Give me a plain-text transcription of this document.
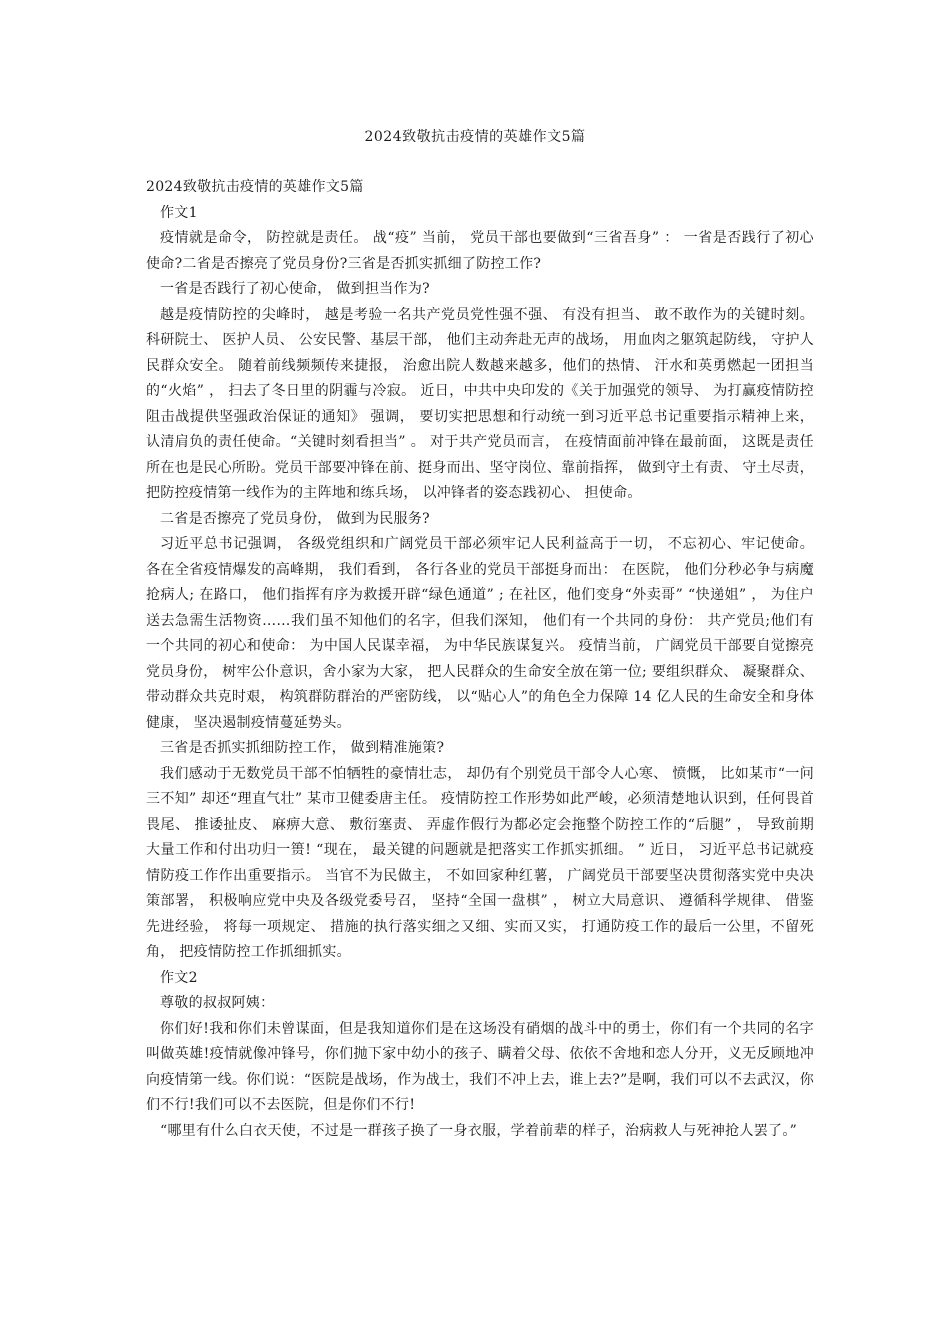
2024致敬抗击疫情的英雄作文5篇

2024致敬抗击疫情的英雄作文5篇

作文1

疫情就是命令， 防控就是责任。 战“疫” 当前， 党员干部也要做到“三省吾身” ： 一省是否践行了初心使命?二省是否擦亮了党员身份?三省是否抓实抓细了防控工作?

一省是否践行了初心使命， 做到担当作为?

越是疫情防控的尖峰时， 越是考验一名共产党员党性强不强、 有没有担当、 敢不敢作为的关键时刻。 科研院士、 医护人员、 公安民警、基层干部， 他们主动奔赴无声的战场， 用血肉之躯筑起防线， 守护人民群众安全。 随着前线频频传来捷报， 治愈出院人数越来越多，他们的热情、 汗水和英勇燃起一团担当的“火焰” ， 扫去了冬日里的阴霾与冷寂。 近日，中共中央印发的《关于加强党的领导、 为打赢疫情防控阻击战提供坚强政治保证的通知》 强调， 要切实把思想和行动统一到习近平总书记重要指示精神上来， 认清肩负的责任使命。“关键时刻看担当” 。 对于共产党员而言， 在疫情面前冲锋在最前面， 这既是责任所在也是民心所盼。党员干部要冲锋在前、挺身而出、坚守岗位、靠前指挥， 做到守土有责、 守土尽责， 把防控疫情第一线作为的主阵地和练兵场， 以冲锋者的姿态践初心、 担使命。

二省是否擦亮了党员身份， 做到为民服务?

习近平总书记强调， 各级党组织和广阔党员干部必须牢记人民利益高于一切， 不忘初心、牢记使命。 各在全省疫情爆发的高峰期， 我们看到， 各行各业的党员干部挺身而出： 在医院， 他们分秒必争与病魔抢病人; 在路口， 他们指挥有序为救援开辟“绿色通道” ; 在社区，他们变身“外卖哥” “快递姐” ， 为住户送去急需生活物资……我们虽不知他们的名字，但我们深知， 他们有一个共同的身份： 共产党员;他们有一个共同的初心和使命： 为中国人民谋幸福， 为中华民族谋复兴。 疫情当前， 广阔党员干部要自觉擦亮党员身份， 树牢公仆意识，舍小家为大家， 把人民群众的生命安全放在第一位; 要组织群众、 凝聚群众、 带动群众共克时艰， 构筑群防群治的严密防线， 以“贴心人”的角色全力保障 14 亿人民的生命安全和身体健康， 坚决遏制疫情蔓延势头。

三省是否抓实抓细防控工作， 做到精准施策?

我们感动于无数党员干部不怕牺牲的豪情壮志， 却仍有个别党员干部令人心寒、 愤慨， 比如某市“一问三不知” 却还“理直气壮” 某市卫健委唐主任。 疫情防控工作形势如此严峻，必须清楚地认识到，任何畏首畏尾、 推诿扯皮、 麻痹大意、 敷衍塞责、 弄虚作假行为都必定会拖整个防控工作的“后腿” ， 导致前期大量工作和付出功归一篑! “现在， 最关键的问题就是把落实工作抓实抓细。 ” 近日， 习近平总书记就疫情防疫工作作出重要指示。 当官不为民做主， 不如回家种红薯， 广阔党员干部要坚决贯彻落实党中央决策部署， 积极响应党中央及各级党委号召， 坚持“全国一盘棋” ， 树立大局意识、 遵循科学规律、 借鉴先进经验， 将每一项规定、 措施的执行落实细之又细、实而又实， 打通防疫工作的最后一公里，不留死角， 把疫情防控工作抓细抓实。

作文2

尊敬的叔叔阿姨：

你们好!我和你们未曾谋面，但是我知道你们是在这场没有硝烟的战斗中的勇士，你们有一个共同的名字叫做英雄!疫情就像冲锋号，你们抛下家中幼小的孩子、瞒着父母、依依不舍地和恋人分开，义无反顾地冲向疫情第一线。你们说：“医院是战场，作为战士，我们不冲上去，谁上去?”是啊，我们可以不去武汉，你们不行!我们可以不去医院，但是你们不行!

“哪里有什么白衣天使，不过是一群孩子换了一身衣服，学着前辈的样子，治病救人与死神抢人罢了。”
